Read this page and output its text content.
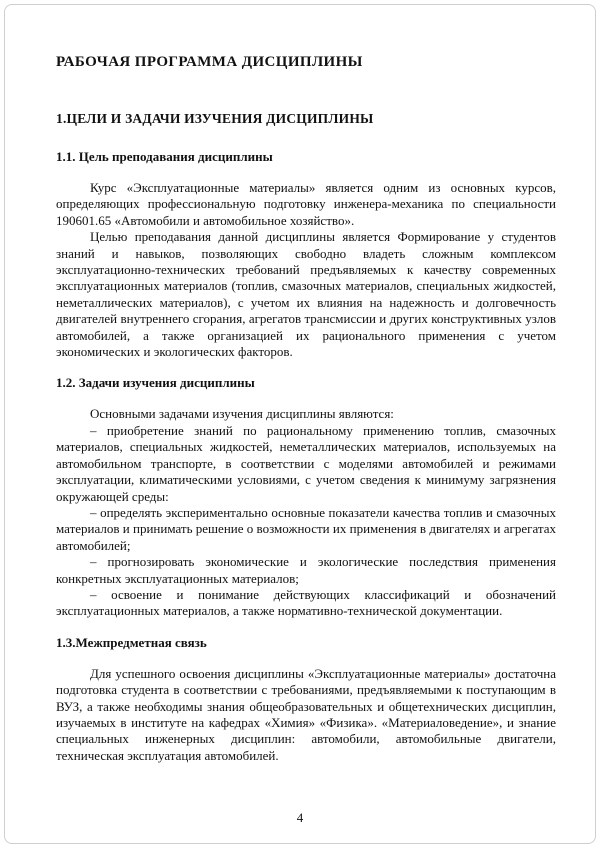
РАБОЧАЯ ПРОГРАММА ДИСЦИПЛИНЫ
1.ЦЕЛИ И ЗАДАЧИ ИЗУЧЕНИЯ ДИСЦИПЛИНЫ
1.1. Цель преподавания дисциплины

Курс «Эксплуатационные материалы» является одним из основных курсов, определяющих профессиональную подготовку инженера-механика по специальности 190601.65 «Автомобили и автомобильное хозяйство».

Целью преподавания данной дисциплины является Формирование у студентов знаний и навыков, позволяющих свободно владеть сложным комплексом эксплуатационно-технических требований предъявляемых к качеству современных эксплуатационных материалов (топлив, смазочных материалов, специальных жидкостей, неметаллических материалов), с учетом их влияния на надежность и долговечность двигателей внутреннего сгорания, агрегатов трансмиссии и других конструктивных узлов автомобилей, а также организацией их рационального применения с учетом экономических и экологических факторов.

1.2. Задачи изучения дисциплины

Основными задачами изучения дисциплины являются:

– приобретение знаний по рациональному применению топлив, смазочных материалов, специальных жидкостей, неметаллических материалов, используемых на автомобильном транспорте, в соответствии с моделями автомобилей и режимами эксплуатации, климатическими условиями, с учетом сведения к минимуму загрязнения окружающей среды:

– определять экспериментально основные показатели качества топлив и смазочных материалов и принимать решение о возможности их применения в двигателях и агрегатах автомобилей;

– прогнозировать экономические и экологические последствия применения конкретных эксплуатационных материалов;

– освоение и понимание действующих классификаций и обозначений эксплуатационных материалов, а также нормативно-технической документации.

1.3.Межпредметная связь

Для успешного освоения дисциплины «Эксплуатационные материалы» достаточна подготовка студента в соответствии с требованиями, предъявляемыми к поступающим в ВУЗ, а также необходимы знания общеобразовательных и общетехнических дисциплин, изучаемых в институте на кафедрах «Химия» «Физика». «Материаловедение», и знание специальных инженерных дисциплин: автомобили, автомобильные двигатели, техническая эксплуатация автомобилей.

4
